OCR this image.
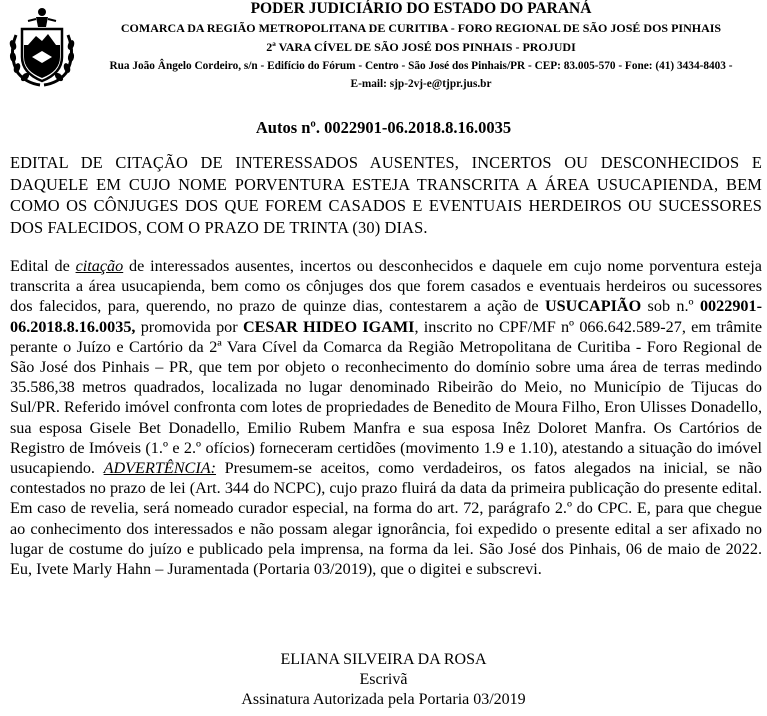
PODER JUDICIÁRIO DO ESTADO DO PARANÁ
COMARCA DA REGIÃO METROPOLITANA DE CURITIBA - FORO REGIONAL DE SÃO JOSÉ DOS PINHAIS
2ª VARA CÍVEL DE SÃO JOSÉ DOS PINHAIS - PROJUDI
Rua João Ângelo Cordeiro, s/n - Edifício do Fórum - Centro - São José dos Pinhais/PR - CEP: 83.005-570 - Fone: (41) 3434-8403 -
E-mail: sjp-2vj-e@tjpr.jus.br
Autos nº. 0022901-06.2018.8.16.0035
EDITAL DE CITAÇÃO DE INTERESSADOS AUSENTES, INCERTOS OU DESCONHECIDOS E DAQUELE EM CUJO NOME PORVENTURA ESTEJA TRANSCRITA A ÁREA USUCAPIENDA, BEM COMO OS CÔNJUGES DOS QUE FOREM CASADOS E EVENTUAIS HERDEIROS OU SUCESSORES DOS FALECIDOS, COM O PRAZO DE TRINTA (30) DIAS.
Edital de citação de interessados ausentes, incertos ou desconhecidos e daquele em cujo nome porventura esteja transcrita a área usucapienda, bem como os cônjuges dos que forem casados e eventuais herdeiros ou sucessores dos falecidos, para, querendo, no prazo de quinze dias, contestarem a ação de USUCAPIÃO sob n.º 0022901-06.2018.8.16.0035, promovida por CESAR HIDEO IGAMI, inscrito no CPF/MF nº 066.642.589-27, em trâmite perante o Juízo e Cartório da 2ª Vara Cível da Comarca da Região Metropolitana de Curitiba - Foro Regional de São José dos Pinhais – PR, que tem por objeto o reconhecimento do domínio sobre uma área de terras medindo 35.586,38 metros quadrados, localizada no lugar denominado Ribeirão do Meio, no Município de Tijucas do Sul/PR. Referido imóvel confronta com lotes de propriedades de Benedito de Moura Filho, Eron Ulisses Donadello, sua esposa Gisele Bet Donadello, Emilio Rubem Manfra e sua esposa Inêz Doloret Manfra. Os Cartórios de Registro de Imóveis (1.º e 2.º ofícios) forneceram certidões (movimento 1.9 e 1.10), atestando a situação do imóvel usucapiendo. ADVERTÊNCIA: Presumem-se aceitos, como verdadeiros, os fatos alegados na inicial, se não contestados no prazo de lei (Art. 344 do NCPC), cujo prazo fluirá da data da primeira publicação do presente edital. Em caso de revelia, será nomeado curador especial, na forma do art. 72, parágrafo 2.º do CPC. E, para que chegue ao conhecimento dos interessados e não possam alegar ignorância, foi expedido o presente edital a ser afixado no lugar de costume do juízo e publicado pela imprensa, na forma da lei. São José dos Pinhais, 06 de maio de 2022. Eu, Ivete Marly Hahn – Juramentada (Portaria 03/2019), que o digitei e subscrevi.
ELIANA SILVEIRA DA ROSA
Escrivã
Assinatura Autorizada pela Portaria 03/2019
